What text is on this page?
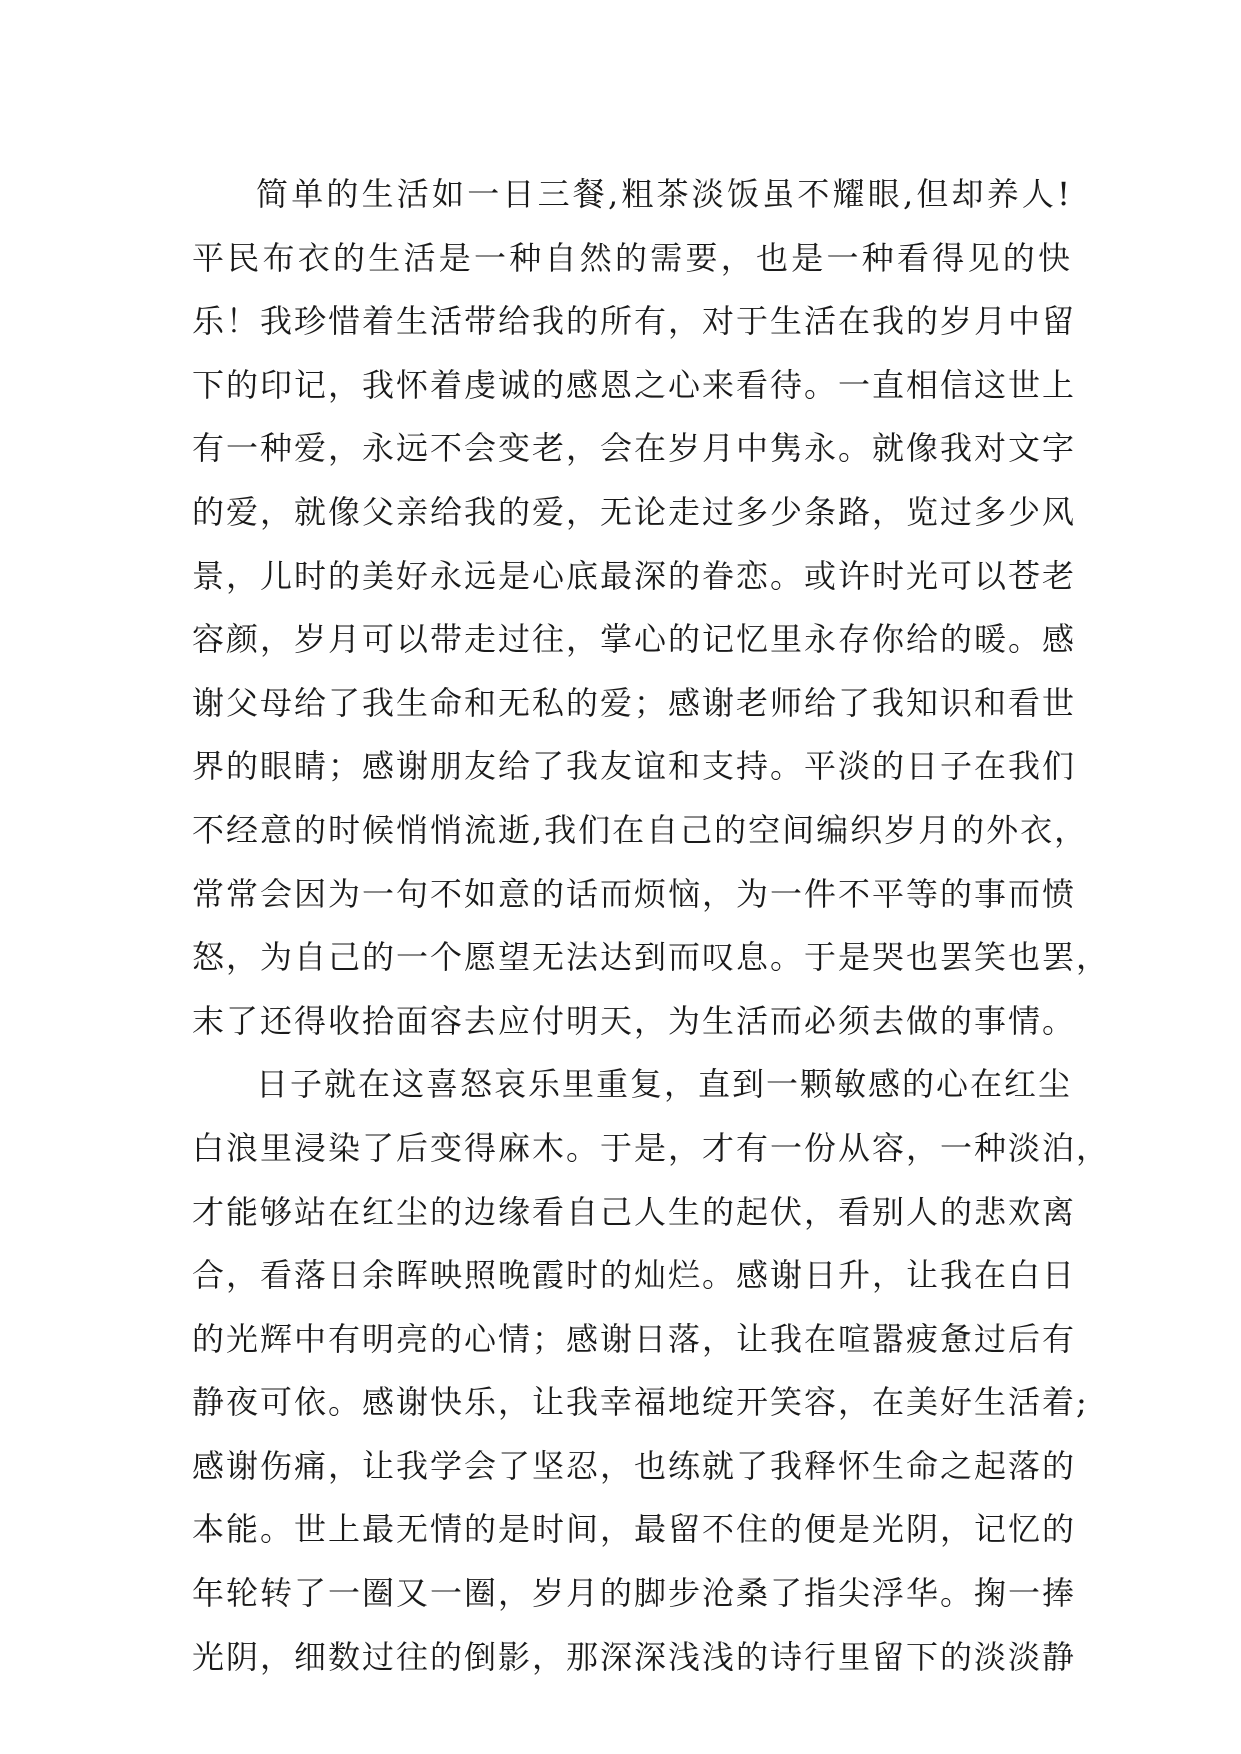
简单的生活如一日三餐,粗茶淡饭虽不耀眼,但却养人!
平民布衣的生活是一种自然的需要，也是一种看得见的快
乐！我珍惜着生活带给我的所有，对于生活在我的岁月中留
下的印记，我怀着虔诚的感恩之心来看待。一直相信这世上
有一种爱，永远不会变老，会在岁月中隽永。就像我对文字
的爱，就像父亲给我的爱，无论走过多少条路，览过多少风
景，儿时的美好永远是心底最深的眷恋。或许时光可以苍老
容颜，岁月可以带走过往，掌心的记忆里永存你给的暖。感
谢父母给了我生命和无私的爱；感谢老师给了我知识和看世
界的眼睛；感谢朋友给了我友谊和支持。平淡的日子在我们
不经意的时候悄悄流逝,我们在自己的空间编织岁月的外衣，
常常会因为一句不如意的话而烦恼，为一件不平等的事而愤
怒，为自己的一个愿望无法达到而叹息。于是哭也罢笑也罢，
末了还得收拾面容去应付明天，为生活而必须去做的事情。
日子就在这喜怒哀乐里重复，直到一颗敏感的心在红尘
白浪里浸染了后变得麻木。于是，才有一份从容，一种淡泊，
才能够站在红尘的边缘看自己人生的起伏，看别人的悲欢离
合，看落日余晖映照晚霞时的灿烂。感谢日升，让我在白日
的光辉中有明亮的心情；感谢日落，让我在喧嚣疲惫过后有
静夜可依。感谢快乐，让我幸福地绽开笑容，在美好生活着;
感谢伤痛，让我学会了坚忍，也练就了我释怀生命之起落的
本能。世上最无情的是时间，最留不住的便是光阴，记忆的
年轮转了一圈又一圈，岁月的脚步沧桑了指尖浮华。掬一捧
光阴，细数过往的倒影，那深深浅浅的诗行里留下的淡淡静
